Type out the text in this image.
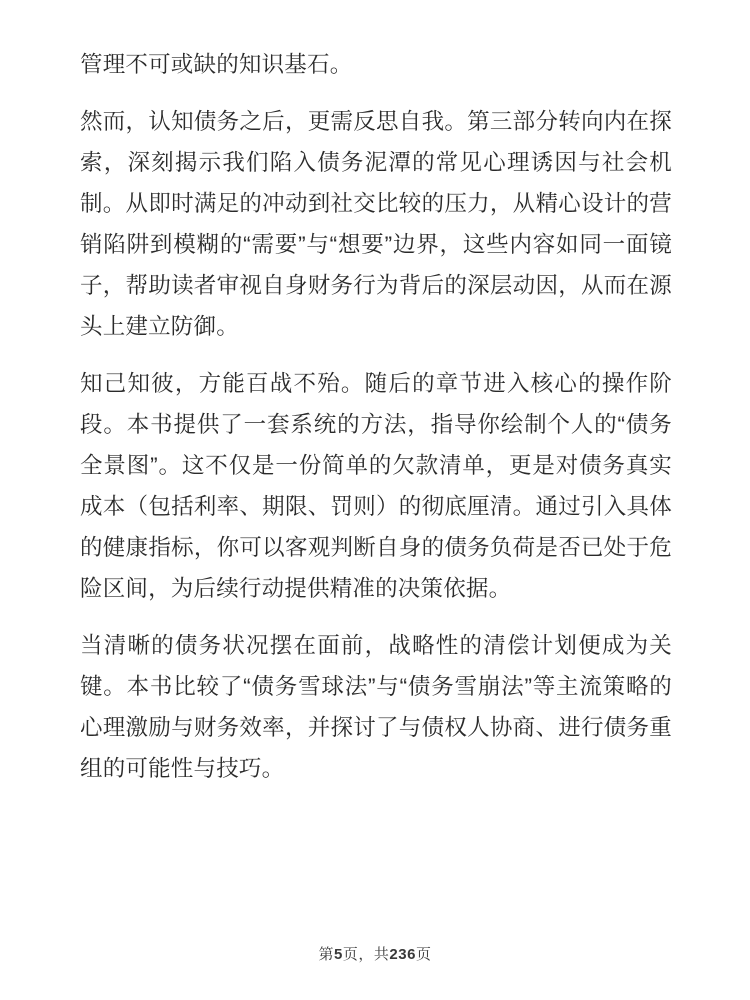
管理不可或缺的知识基石。

然而，认知债务之后，更需反思自我。第三部分转向内在探索，深刻揭示我们陷入债务泥潭的常见心理诱因与社会机制。从即时满足的冲动到社交比较的压力，从精心设计的营销陷阱到模糊的“需要”与“想要”边界，这些内容如同一面镜子，帮助读者审视自身财务行为背后的深层动因，从而在源头上建立防御。

知己知彼，方能百战不殆。随后的章节进入核心的操作阶段。本书提供了一套系统的方法，指导你绘制个人的“债务全景图”。这不仅是一份简单的欠款清单，更是对债务真实成本（包括利率、期限、罚则）的彻底厘清。通过引入具体的健康指标，你可以客观判断自身的债务负荷是否已处于危险区间，为后续行动提供精准的决策依据。

当清晰的债务状况摆在面前，战略性的清偿计划便成为关键。本书比较了“债务雪球法”与“债务雪崩法”等主流策略的心理激励与财务效率，并探讨了与债权人协商、进行债务重组的可能性与技巧。

第5页，共236页
